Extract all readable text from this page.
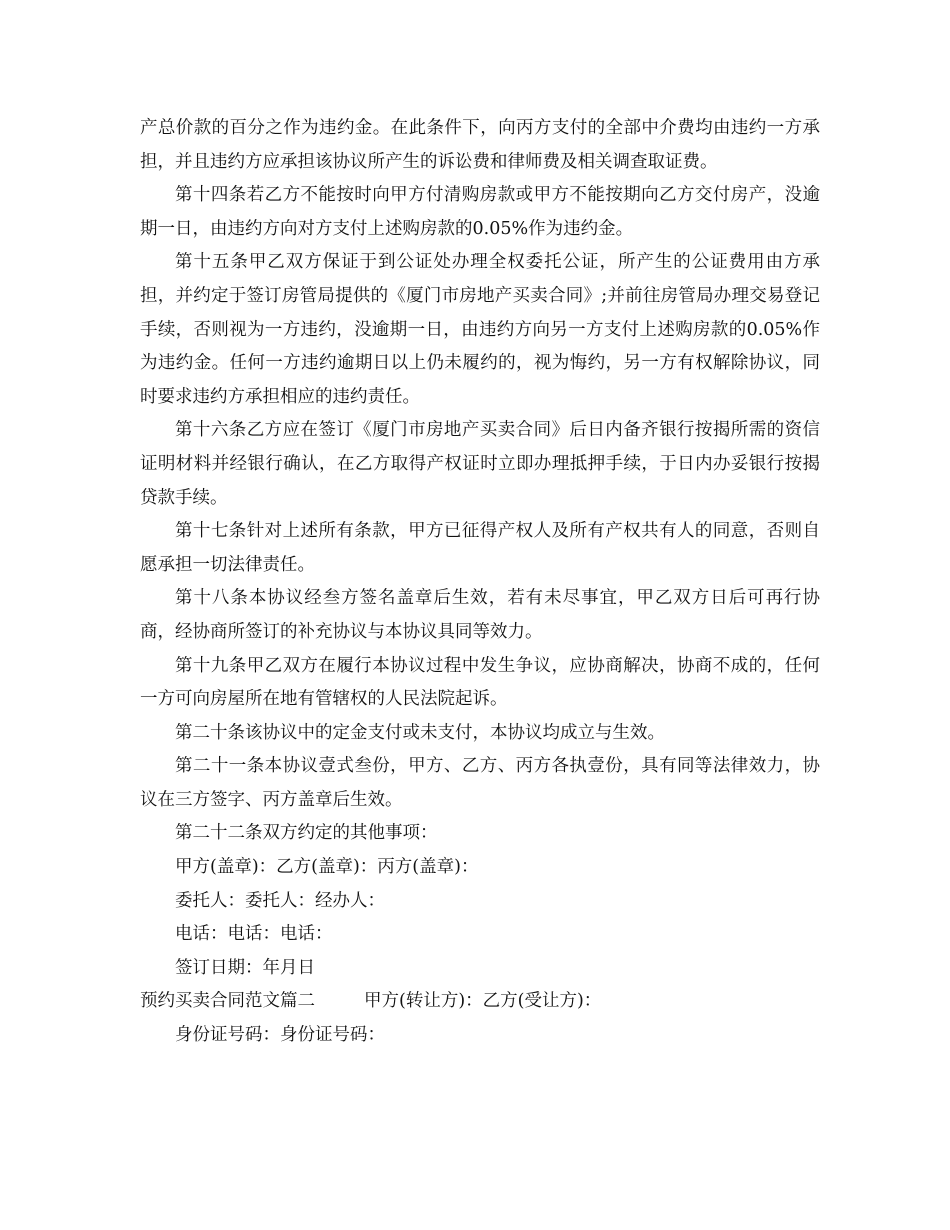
产总价款的百分之作为违约金。在此条件下，向丙方支付的全部中介费均由违约一方承担，并且违约方应承担该协议所产生的诉讼费和律师费及相关调查取证费。

第十四条若乙方不能按时向甲方付清购房款或甲方不能按期向乙方交付房产，没逾期一日，由违约方向对方支付上述购房款的0.05%作为违约金。

第十五条甲乙双方保证于到公证处办理全权委托公证，所产生的公证费用由方承担，并约定于签订房管局提供的《厦门市房地产买卖合同》;并前往房管局办理交易登记手续，否则视为一方违约，没逾期一日，由违约方向另一方支付上述购房款的0.05%作为违约金。任何一方违约逾期日以上仍未履约的，视为悔约，另一方有权解除协议，同时要求违约方承担相应的违约责任。

第十六条乙方应在签订《厦门市房地产买卖合同》后日内备齐银行按揭所需的资信证明材料并经银行确认，在乙方取得产权证时立即办理抵押手续，于日内办妥银行按揭贷款手续。

第十七条针对上述所有条款，甲方已征得产权人及所有产权共有人的同意，否则自愿承担一切法律责任。

第十八条本协议经叁方签名盖章后生效，若有未尽事宜，甲乙双方日后可再行协商，经协商所签订的补充协议与本协议具同等效力。

第十九条甲乙双方在履行本协议过程中发生争议，应协商解决，协商不成的，任何一方可向房屋所在地有管辖权的人民法院起诉。

第二十条该协议中的定金支付或未支付，本协议均成立与生效。

第二十一条本协议壹式叁份，甲方、乙方、丙方各执壹份，具有同等法律效力，协议在三方签字、丙方盖章后生效。

第二十二条双方约定的其他事项：

甲方(盖章)：乙方(盖章)：丙方(盖章)：

委托人：委托人：经办人：

电话：电话：电话：

签订日期：年月日

预约买卖合同范文篇二	甲方(转让方)：乙方(受让方)：

身份证号码：身份证号码：
